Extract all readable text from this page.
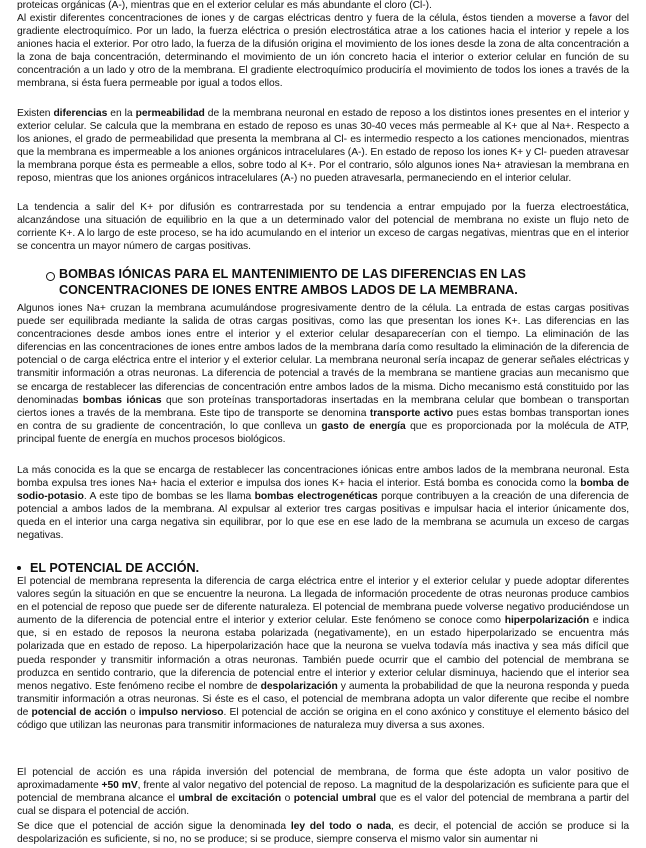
proteicas orgánicas (A-), mientras que en el exterior celular es más abundante el cloro (Cl-).

Al existir diferentes concentraciones de iones y de cargas eléctricas dentro y fuera de la célula, éstos tienden a moverse a favor del gradiente electroquímico. Por un lado, la fuerza eléctrica o presión electrostática atrae a los cationes hacia el interior y repele a los aniones hacia el exterior. Por otro lado, la fuerza de la difusión origina el movimiento de los iones desde la zona de alta concentración a la zona de baja concentración, determinando el movimiento de un ión concreto hacia el interior o exterior celular en función de su concentración a un lado y otro de la membrana. El gradiente electroquímico produciría el movimiento de todos los iones a través de la membrana, si ésta fuera permeable por igual a todos ellos.

Existen diferencias en la permeabilidad de la membrana neuronal en estado de reposo a los distintos iones presentes en el interior y exterior celular. Se calcula que la membrana en estado de reposo es unas 30-40 veces más permeable al K+ que al Na+. Respecto a los aniones, el grado de permeabilidad que presenta la membrana al Cl- es intermedio respecto a los cationes mencionados, mientras que la membrana es impermeable a los aniones orgánicos intracelulares (A-). En estado de reposo los iones K+ y Cl- pueden atravesar la membrana porque ésta es permeable a ellos, sobre todo al K+. Por el contrario, sólo algunos iones Na+ atraviesan la membrana en reposo, mientras que los aniones orgánicos intracelulares (A-) no pueden atravesarla, permaneciendo en el interior celular.

La tendencia a salir del K+ por difusión es contrarrestada por su tendencia a entrar empujado por la fuerza electroestática, alcanzándose una situación de equilibrio en la que a un determinado valor del potencial de membrana no existe un flujo neto de corriente K+. A lo largo de este proceso, se ha ido acumulando en el interior un exceso de cargas negativas, mientras que en el interior se concentra un mayor número de cargas positivas.

BOMBAS IÓNICAS PARA EL MANTENIMIENTO DE LAS DIFERENCIAS EN LAS
CONCENTRACIONES DE IONES ENTRE AMBOS LADOS DE LA MEMBRANA.

Algunos iones Na+ cruzan la membrana acumulándose progresivamente dentro de la célula. La entrada de estas cargas positivas puede ser equilibrada mediante la salida de otras cargas positivas, como las que presentan los iones K+. Las diferencias en las concentraciones desde ambos iones entre el interior y el exterior celular desaparecerían con el tiempo. La eliminación de las diferencias en las concentraciones de iones entre ambos lados de la membrana daría como resultado la eliminación de la diferencia de potencial o de carga eléctrica entre el interior y el exterior celular. La membrana neuronal sería incapaz de generar señales eléctricas y transmitir información a otras neuronas. La diferencia de potencial a través de la membrana se mantiene gracias aun mecanismo que se encarga de restablecer las diferencias de concentración entre ambos lados de la misma. Dicho mecanismo está constituido por las denominadas bombas iónicas que son proteínas transportadoras insertadas en la membrana celular que bombean o transportan ciertos iones a través de la membrana. Este tipo de transporte se denomina transporte activo pues estas bombas transportan iones en contra de su gradiente de concentración, lo que conlleva un gasto de energía que es proporcionada por la molécula de ATP, principal fuente de energía en muchos procesos biológicos.

La más conocida es la que se encarga de restablecer las concentraciones iónicas entre ambos lados de la membrana neuronal. Esta bomba expulsa tres iones Na+ hacia el exterior e impulsa dos iones K+ hacia el interior. Está bomba es conocida como la bomba de sodio-potasio. A este tipo de bombas se les llama bombas electrogenéticas porque contribuyen a la creación de una diferencia de potencial a ambos lados de la membrana. Al expulsar al exterior tres cargas positivas e impulsar hacia el interior únicamente dos, queda en el interior una carga negativa sin equilibrar, por lo que ese en ese lado de la membrana se acumula un exceso de cargas negativas.

EL POTENCIAL DE ACCIÓN.

El potencial de membrana representa la diferencia de carga eléctrica entre el interior y el exterior celular y puede adoptar diferentes valores según la situación en que se encuentre la neurona. La llegada de información procedente de otras neuronas produce cambios en el potencial de reposo que puede ser de diferente naturaleza. El potencial de membrana puede volverse negativo produciéndose un aumento de la diferencia de potencial entre el interior y exterior celular. Este fenómeno se conoce como hiperpolarización e indica que, si en estado de reposos la neurona estaba polarizada (negativamente), en un estado hiperpolarizado se encuentra más polarizada que en estado de reposo. La hiperpolarización hace que la neurona se vuelva todavía más inactiva y sea más difícil que pueda responder y transmitir información a otras neuronas. También puede ocurrir que el cambio del potencial de membrana se produzca en sentido contrario, que la diferencia de potencial entre el interior y exterior celular disminuya, haciendo que el interior sea menos negativo. Este fenómeno recibe el nombre de despolarización y aumenta la probabilidad de que la neurona responda y pueda transmitir información a otras neuronas. Si éste es el caso, el potencial de membrana adopta un valor diferente que recibe el nombre de potencial de acción o impulso nervioso. El potencial de acción se origina en el cono axónico y constituye el elemento básico del código que utilizan las neuronas para transmitir informaciones de naturaleza muy diversa a sus axones.

El potencial de acción es una rápida inversión del potencial de membrana, de forma que éste adopta un valor positivo de aproximadamente +50 mV, frente al valor negativo del potencial de reposo. La magnitud de la despolarización es suficiente para que el potencial de membrana alcance el umbral de excitación o potencial umbral que es el valor del potencial de membrana a partir del cual se dispara el potencial de acción.

Se dice que el potencial de acción sigue la denominada ley del todo o nada, es decir, el potencial de acción se produce si la despolarización es suficiente, si no, no se produce; si se produce, siempre conserva el mismo valor sin aumentar ni
